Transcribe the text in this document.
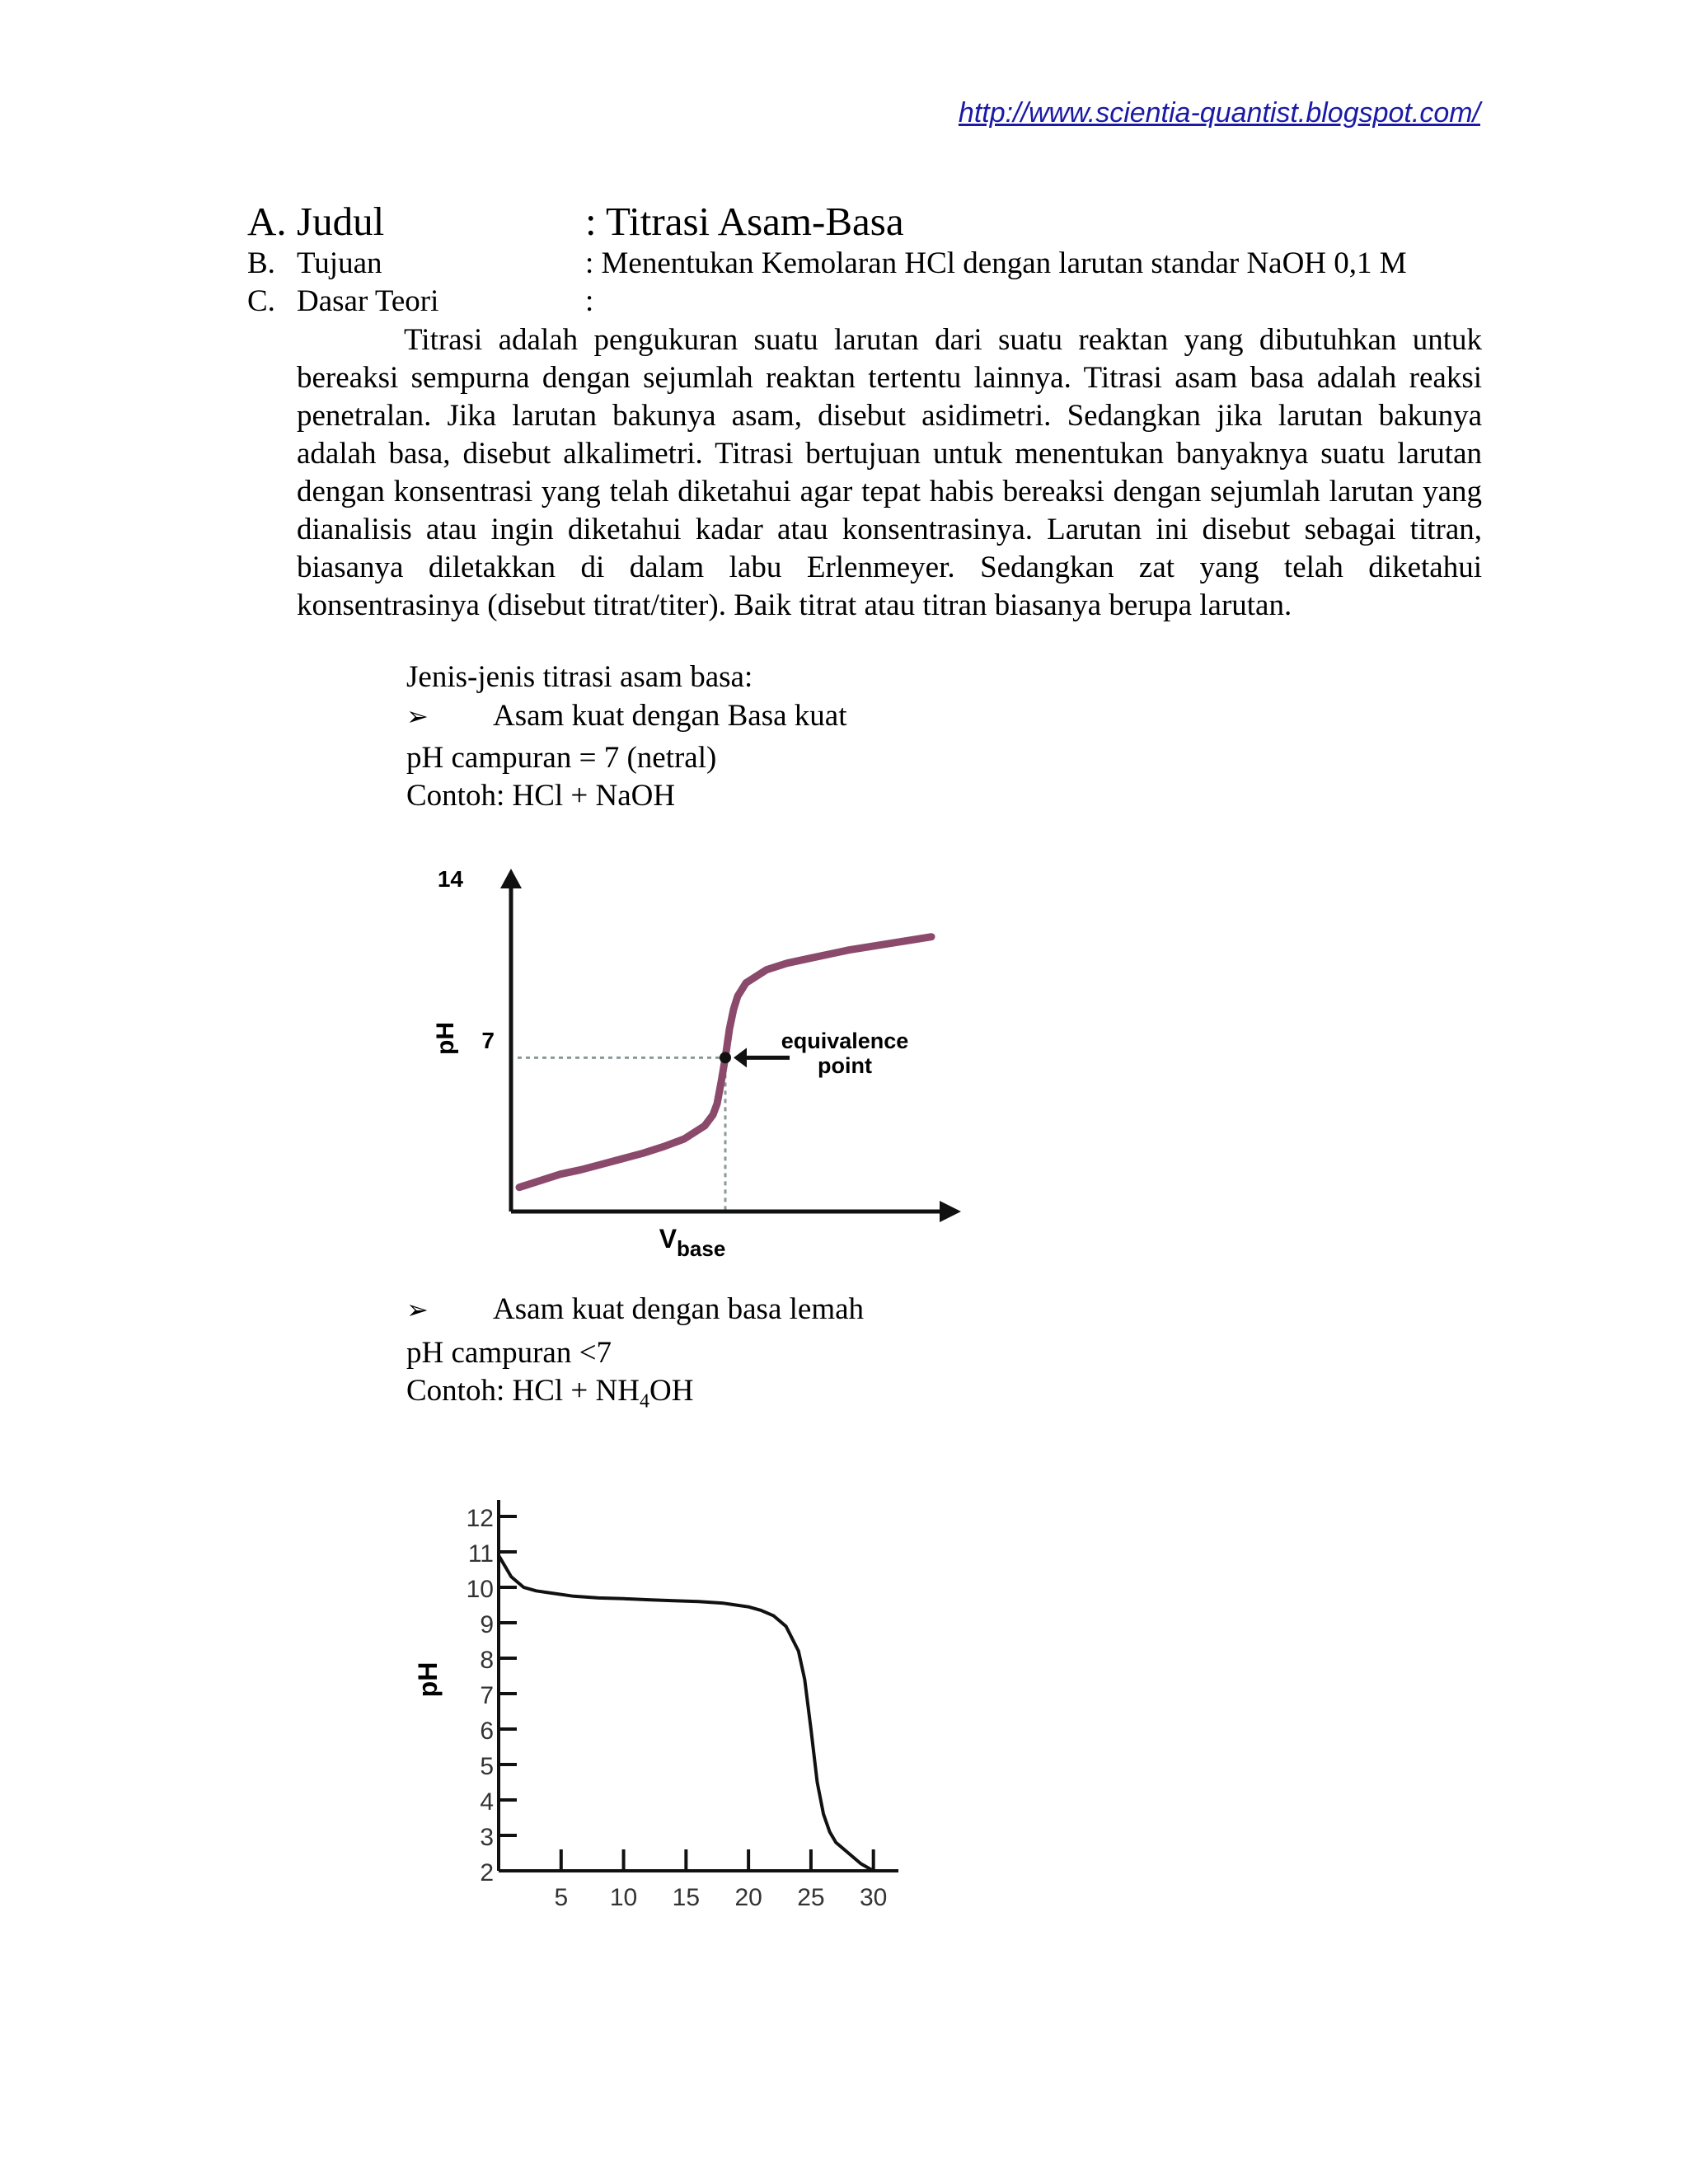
http://www.scientia-quantist.blogspot.com/
A. Judul	: Titrasi Asam-Basa
B. Tujuan	: Menentukan Kemolaran HCl dengan larutan standar NaOH 0,1 M
C. Dasar Teori	:

Titrasi adalah pengukuran suatu larutan dari suatu reaktan yang dibutuhkan untuk bereaksi sempurna dengan sejumlah reaktan tertentu lainnya. Titrasi asam basa adalah reaksi penetralan. Jika larutan bakunya asam, disebut asidimetri. Sedangkan jika larutan bakunya adalah basa, disebut alkalimetri. Titrasi bertujuan untuk menentukan banyaknya suatu larutan dengan konsentrasi yang telah diketahui agar tepat habis bereaksi dengan sejumlah larutan yang dianalisis atau ingin diketahui kadar atau konsentrasinya. Larutan ini disebut sebagai titran, biasanya diletakkan di dalam labu Erlenmeyer. Sedangkan zat yang telah diketahui konsentrasinya (disebut titrat/titer). Baik titrat atau titran biasanya berupa larutan.

Jenis-jenis titrasi asam basa:
➢	Asam kuat dengan Basa kuat
pH campuran = 7 (netral)
Contoh: HCl + NaOH
14
7
pH
$V_{base}$
equivalence
point
➢	Asam kuat dengan basa lemah
pH campuran <7
Contoh: HCl + $NH_4OH$
2
3
4
5
6
7
8
9
10
11
12
5 10 15 20 25 30
pH
